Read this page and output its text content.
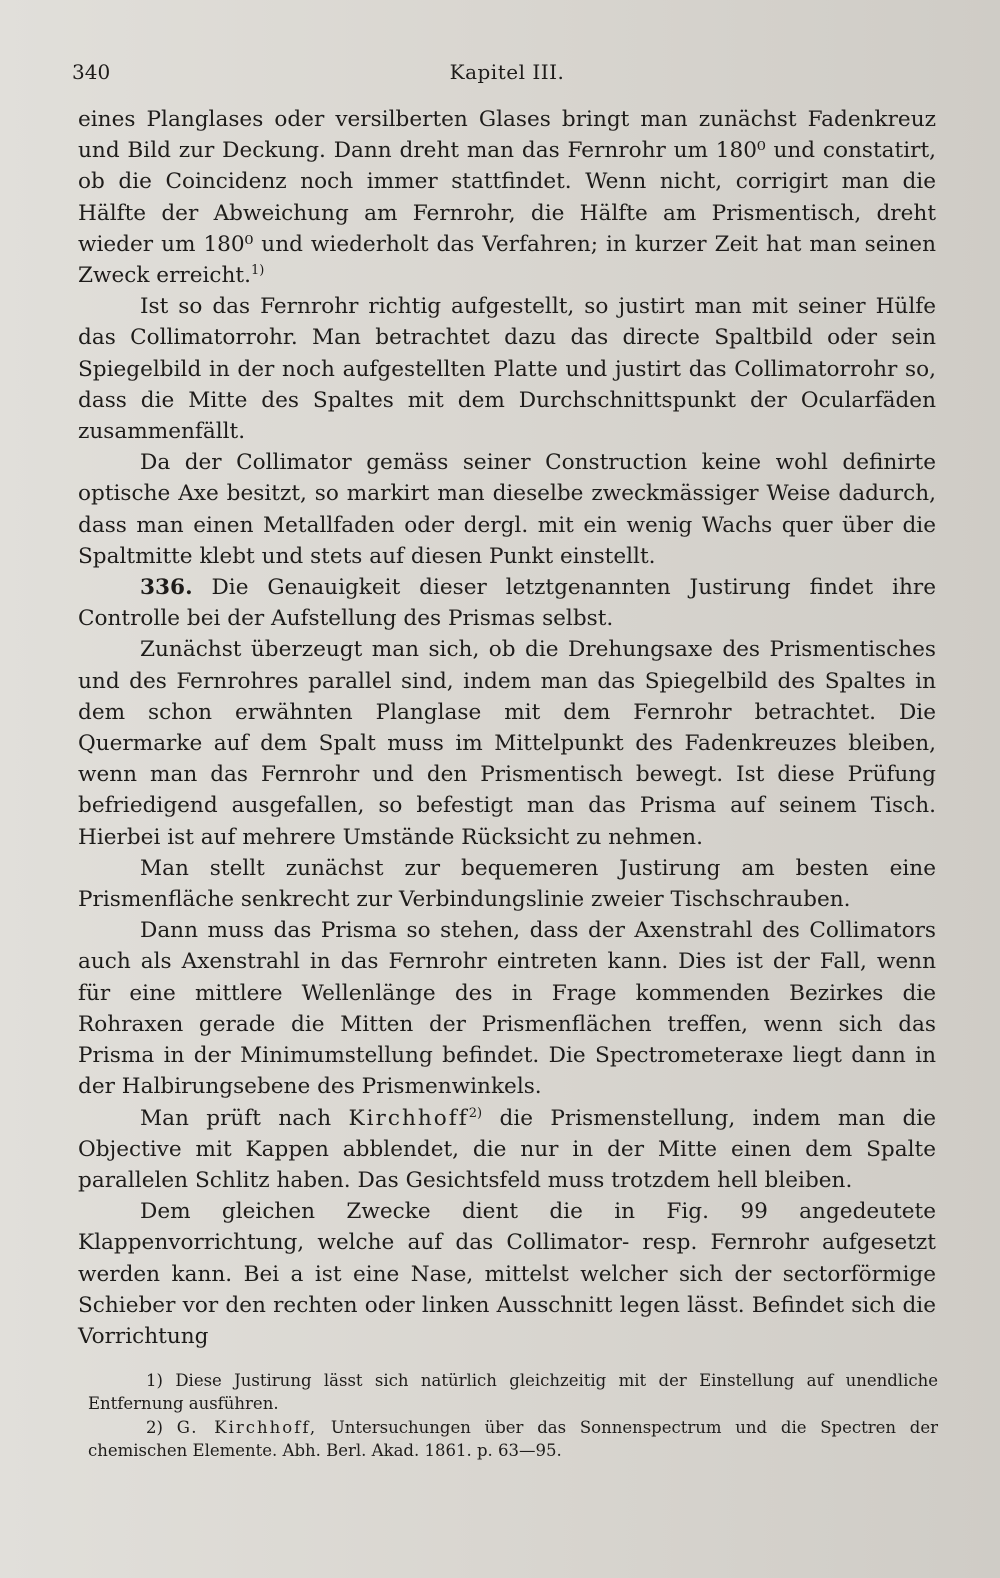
340	Kapitel III.

eines Planglases oder versilberten Glases bringt man zunächst Fadenkreuz und Bild zur Deckung. Dann dreht man das Fernrohr um 180⁰ und constatirt, ob die Coincidenz noch immer stattfindet. Wenn nicht, corrigirt man die Hälfte der Abweichung am Fernrohr, die Hälfte am Prismentisch, dreht wieder um 180⁰ und wiederholt das Verfahren; in kurzer Zeit hat man seinen Zweck erreicht.$^{1)}$

Ist so das Fernrohr richtig aufgestellt, so justirt man mit seiner Hülfe das Collimatorrohr. Man betrachtet dazu das directe Spaltbild oder sein Spiegelbild in der noch aufgestellten Platte und justirt das Collimatorrohr so, dass die Mitte des Spaltes mit dem Durchschnittspunkt der Ocularfäden zusammenfällt.

Da der Collimator gemäss seiner Construction keine wohl definirte optische Axe besitzt, so markirt man dieselbe zweckmässiger Weise dadurch, dass man einen Metallfaden oder dergl. mit ein wenig Wachs quer über die Spaltmitte klebt und stets auf diesen Punkt einstellt.

336. Die Genauigkeit dieser letztgenannten Justirung findet ihre Controlle bei der Aufstellung des Prismas selbst.

Zunächst überzeugt man sich, ob die Drehungsaxe des Prismentisches und des Fernrohres parallel sind, indem man das Spiegelbild des Spaltes in dem schon erwähnten Planglase mit dem Fernrohr betrachtet. Die Quermarke auf dem Spalt muss im Mittelpunkt des Fadenkreuzes bleiben, wenn man das Fernrohr und den Prismentisch bewegt. Ist diese Prüfung befriedigend ausgefallen, so befestigt man das Prisma auf seinem Tisch. Hierbei ist auf mehrere Umstände Rücksicht zu nehmen.

Man stellt zunächst zur bequemeren Justirung am besten eine Prismenfläche senkrecht zur Verbindungslinie zweier Tischschrauben.

Dann muss das Prisma so stehen, dass der Axenstrahl des Collimators auch als Axenstrahl in das Fernrohr eintreten kann. Dies ist der Fall, wenn für eine mittlere Wellenlänge des in Frage kommenden Bezirkes die Rohraxen gerade die Mitten der Prismenflächen treffen, wenn sich das Prisma in der Minimumstellung befindet. Die Spectrometeraxe liegt dann in der Halbirungsebene des Prismenwinkels.

Man prüft nach Kirchhoff$^{2)}$ die Prismenstellung, indem man die Objective mit Kappen abblendet, die nur in der Mitte einen dem Spalte parallelen Schlitz haben. Das Gesichtsfeld muss trotzdem hell bleiben.

Dem gleichen Zwecke dient die in Fig. 99 angedeutete Klappenvorrichtung, welche auf das Collimator- resp. Fernrohr aufgesetzt werden kann. Bei a ist eine Nase, mittelst welcher sich der sectorförmige Schieber vor den rechten oder linken Ausschnitt legen lässt. Befindet sich die Vorrichtung

1) Diese Justirung lässt sich natürlich gleichzeitig mit der Einstellung auf unendliche Entfernung ausführen.

2) G. Kirchhoff, Untersuchungen über das Sonnenspectrum und die Spectren der chemischen Elemente. Abh. Berl. Akad. 1861. p. 63—95.
